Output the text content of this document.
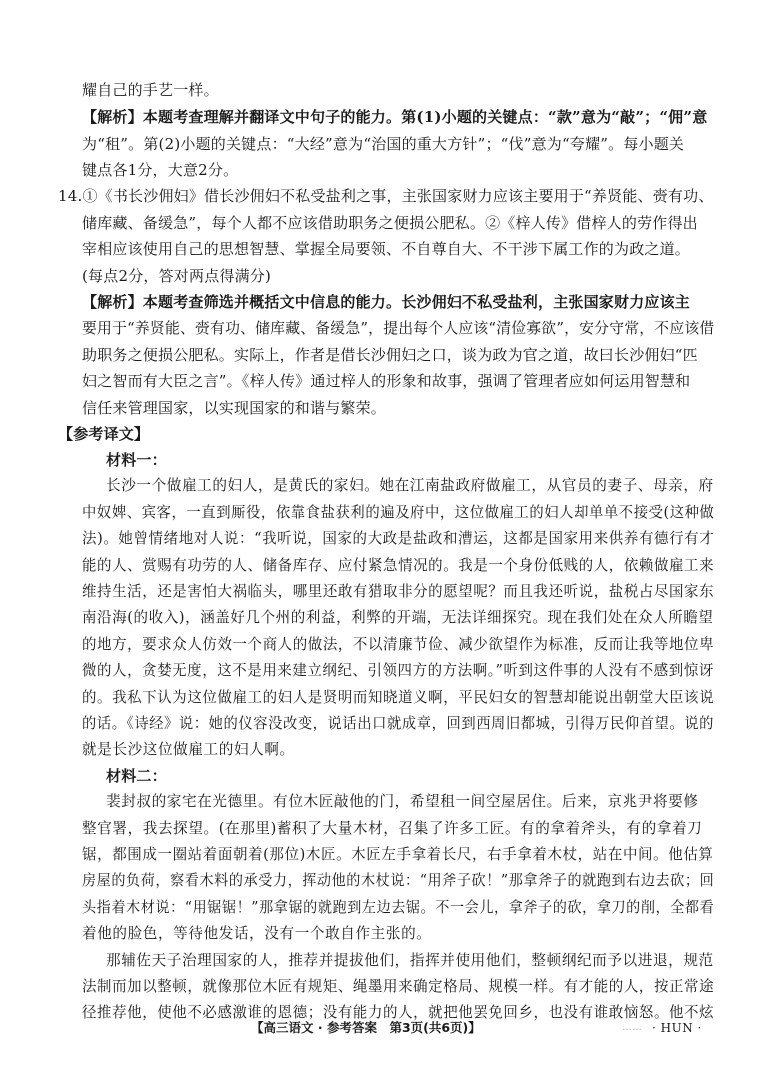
耀自己的手艺一样。
【解析】本题考查理解并翻译文中句子的能力。第(1)小题的关键点：“款”意为“敲”；“佣”意
为“租”。第(2)小题的关键点：“大经”意为“治国的重大方针”；“伐”意为“夸耀”。每小题关
键点各1分，大意2分。
14.①《书长沙佣妇》借长沙佣妇不私受盐利之事，主张国家财力应该主要用于“养贤能、赍有功、
储库藏、备缓急”，每个人都不应该借助职务之便损公肥私。②《梓人传》借梓人的劳作得出
宰相应该使用自己的思想智慧、掌握全局要领、不自尊自大、不干涉下属工作的为政之道。
(每点2分，答对两点得满分)
【解析】本题考查筛选并概括文中信息的能力。长沙佣妇不私受盐利，主张国家财力应该主
要用于“养贤能、赍有功、储库藏、备缓急”，提出每个人应该“清俭寡欲”，安分守常，不应该借
助职务之便损公肥私。实际上，作者是借长沙佣妇之口，谈为政为官之道，故曰长沙佣妇“匹
妇之智而有大臣之言”。《梓人传》通过梓人的形象和故事，强调了管理者应如何运用智慧和
信任来管理国家，以实现国家的和谐与繁荣。
【参考译文】
材料一：
长沙一个做雇工的妇人，是黄氏的家妇。她在江南盐政府做雇工，从官员的妻子、母亲，府
中奴婢、宾客，一直到厮役，依靠食盐获利的遍及府中，这位做雇工的妇人却单单不接受(这种做
法)。她曾情绪地对人说：“我听说，国家的大政是盐政和漕运，这都是国家用来供养有德行有才
能的人、赏赐有功劳的人、储备库存、应付紧急情况的。我是一个身份低贱的人，依赖做雇工来
维持生活，还是害怕大祸临头，哪里还敢有猎取非分的愿望呢？而且我还听说，盐税占尽国家东
南沿海(的收入)，涵盖好几个州的利益，利弊的开端，无法详细探究。现在我们处在众人所瞻望
的地方，要求众人仿效一个商人的做法，不以清廉节俭、减少欲望作为标准，反而让我等地位卑
微的人，贪婪无度，这不是用来建立纲纪、引领四方的方法啊。”听到这件事的人没有不感到惊讶
的。我私下认为这位做雇工的妇人是贤明而知晓道义啊，平民妇女的智慧却能说出朝堂大臣该说
的话。《诗经》说：她的仪容没改变，说话出口就成章，回到西周旧都城，引得万民仰首望。说的
就是长沙这位做雇工的妇人啊。
材料二：
裴封叔的家宅在光德里。有位木匠敲他的门，希望租一间空屋居住。后来，京兆尹将要修
整官署，我去探望。(在那里)蓄积了大量木材，召集了许多工匠。有的拿着斧头，有的拿着刀
锯，都围成一圈站着面朝着(那位)木匠。木匠左手拿着长尺，右手拿着木杖，站在中间。他估算
房屋的负荷，察看木料的承受力，挥动他的木杖说：“用斧子砍！”那拿斧子的就跑到右边去砍；回
头指着木材说：“用锯锯！”那拿锯的就跑到左边去锯。不一会儿，拿斧子的砍，拿刀的削，全都看
着他的脸色，等待他发话，没有一个敢自作主张的。
那辅佐天子治理国家的人，推荐并提拔他们，指挥并使用他们，整顿纲纪而予以进退，规范
法制而加以整顿，就像那位木匠有规矩、绳墨用来确定格局、规模一样。有才能的人，按正常途
径推荐他，使他不必感激谁的恩德；没有能力的人，就把他罢免回乡，也没有谁敢恼怒。他不炫
【高三语文 · 参考答案　第3页(共6页)】	…… · HUN ·
